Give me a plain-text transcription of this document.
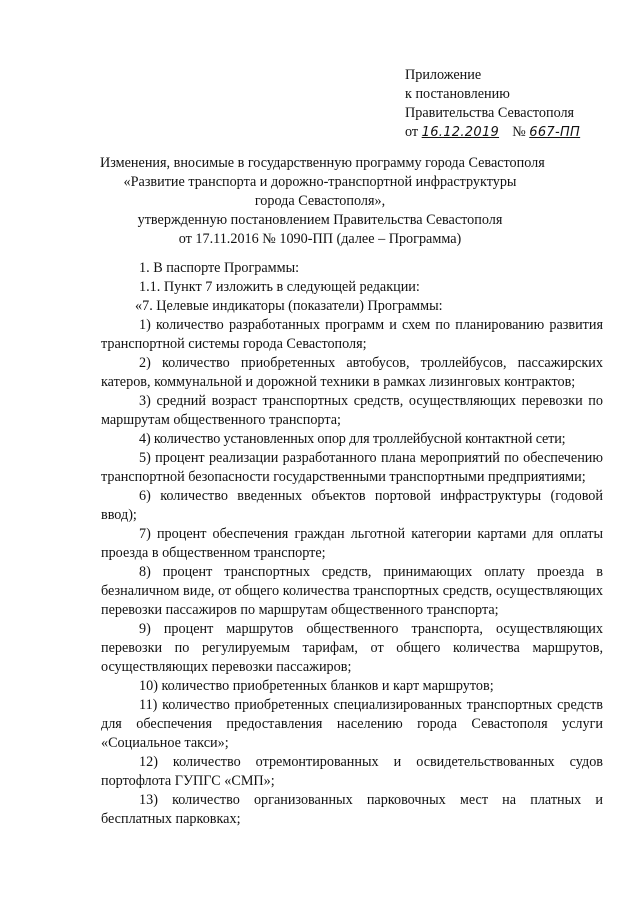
Приложение
к постановлению
Правительства Севастополя
от 16.12.2019 № 667-ПП
Изменения, вносимые в государственную программу города Севастополя
«Развитие транспорта и дорожно-транспортной инфраструктуры
города Севастополя»,
утвержденную постановлением Правительства Севастополя
от 17.11.2016 № 1090-ПП (далее – Программа)
1. В паспорте Программы:
1.1. Пункт 7 изложить в следующей редакции:
«7. Целевые индикаторы (показатели) Программы:
1) количество разработанных программ и схем по планированию развития транспортной системы города Севастополя;
2) количество приобретенных автобусов, троллейбусов, пассажирских катеров, коммунальной и дорожной техники в рамках лизинговых контрактов;
3) средний возраст транспортных средств, осуществляющих перевозки по маршрутам общественного транспорта;
4) количество установленных опор для троллейбусной контактной сети;
5) процент реализации разработанного плана мероприятий по обеспечению транспортной безопасности государственными транспортными предприятиями;
6) количество введенных объектов портовой инфраструктуры (годовой ввод);
7) процент обеспечения граждан льготной категории картами для оплаты проезда в общественном транспорте;
8) процент транспортных средств, принимающих оплату проезда в безналичном виде, от общего количества транспортных средств, осуществляющих перевозки пассажиров по маршрутам общественного транспорта;
9) процент маршрутов общественного транспорта, осуществляющих перевозки по регулируемым тарифам, от общего количества маршрутов, осуществляющих перевозки пассажиров;
10) количество приобретенных бланков и карт маршрутов;
11) количество приобретенных специализированных транспортных средств для обеспечения предоставления населению города Севастополя услуги «Социальное такси»;
12) количество отремонтированных и освидетельствованных судов портофлота ГУПГС «СМП»;
13) количество организованных парковочных мест на платных и бесплатных парковках;
